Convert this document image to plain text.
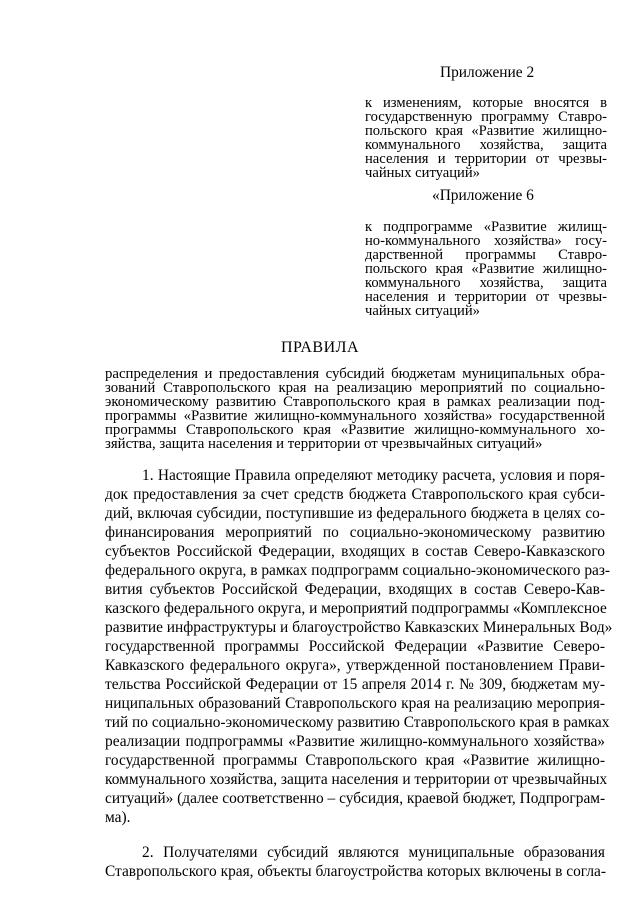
Приложение 2

к изменениям, которые вносятся в

государственную программу Ставро-

польского края «Развитие жилищно-

коммунального хозяйства, защита

населения и территории от чрезвы-

чайных ситуаций»

«Приложение 6

к подпрограмме «Развитие жилищ-

но-коммунального хозяйства» госу-

дарственной программы Ставро-

польского края «Развитие жилищно-

коммунального хозяйства, защита

населения и территории от чрезвы-

чайных ситуаций»

ПРАВИЛА

распределения и предоставления субсидий бюджетам муниципальных обра-

зований Ставропольского края на реализацию мероприятий по социально-

экономическому развитию Ставропольского края в рамках реализации под-

программы «Развитие жилищно-коммунального хозяйства» государственной

программы Ставропольского края «Развитие жилищно-коммунального хо-

зяйства, защита населения и территории от чрезвычайных ситуаций»

1. Настоящие Правила определяют методику расчета, условия и поря-

док предоставления за счет средств бюджета Ставропольского края субси-

дий, включая субсидии, поступившие из федерального бюджета в целях со-

финансирования мероприятий по социально-экономическому развитию

субъектов Российской Федерации, входящих в состав Северо-Кавказского

федерального округа, в рамках подпрограмм социально-экономического раз-

вития субъектов Российской Федерации, входящих в состав Северо-Кав-

казского федерального округа, и мероприятий подпрограммы «Комплексное

развитие инфраструктуры и благоустройство Кавказских Минеральных Вод»

государственной программы Российской Федерации «Развитие Северо-

Кавказского федерального округа», утвержденной постановлением Прави-

тельства Российской Федерации от 15 апреля 2014 г. № 309, бюджетам му-

ниципальных образований Ставропольского края на реализацию мероприя-

тий по социально-экономическому развитию Ставропольского края в рамках

реализации подпрограммы «Развитие жилищно-коммунального хозяйства»

государственной программы Ставропольского края «Развитие жилищно-

коммунального хозяйства, защита населения и территории от чрезвычайных

ситуаций» (далее соответственно – субсидия, краевой бюджет, Подпрограм-

ма).

2. Получателями субсидий являются муниципальные образования

Ставропольского края, объекты благоустройства которых включены в согла-
